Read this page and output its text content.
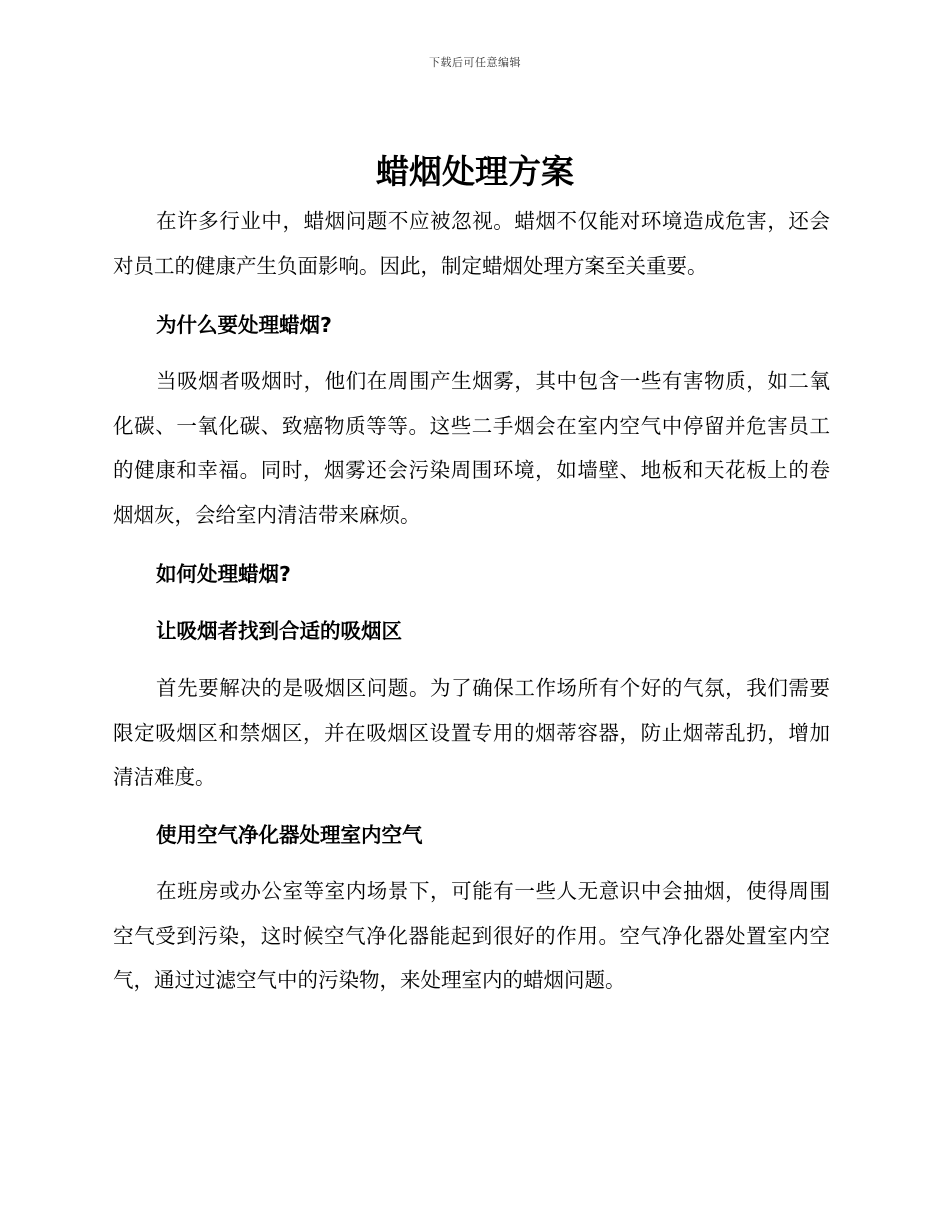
下载后可任意编辑
蜡烟处理方案

在许多行业中，蜡烟问题不应被忽视。蜡烟不仅能对环境造成危害，还会对员工的健康产生负面影响。因此，制定蜡烟处理方案至关重要。

为什么要处理蜡烟?

当吸烟者吸烟时，他们在周围产生烟雾，其中包含一些有害物质，如二氧化碳、一氧化碳、致癌物质等等。这些二手烟会在室内空气中停留并危害员工的健康和幸福。同时，烟雾还会污染周围环境，如墙壁、地板和天花板上的卷烟烟灰，会给室内清洁带来麻烦。

如何处理蜡烟?

让吸烟者找到合适的吸烟区

首先要解决的是吸烟区问题。为了确保工作场所有个好的气氛，我们需要限定吸烟区和禁烟区，并在吸烟区设置专用的烟蒂容器，防止烟蒂乱扔，增加清洁难度。

使用空气净化器处理室内空气

在班房或办公室等室内场景下，可能有一些人无意识中会抽烟，使得周围空气受到污染，这时候空气净化器能起到很好的作用。空气净化器处置室内空气，通过过滤空气中的污染物，来处理室内的蜡烟问题。
